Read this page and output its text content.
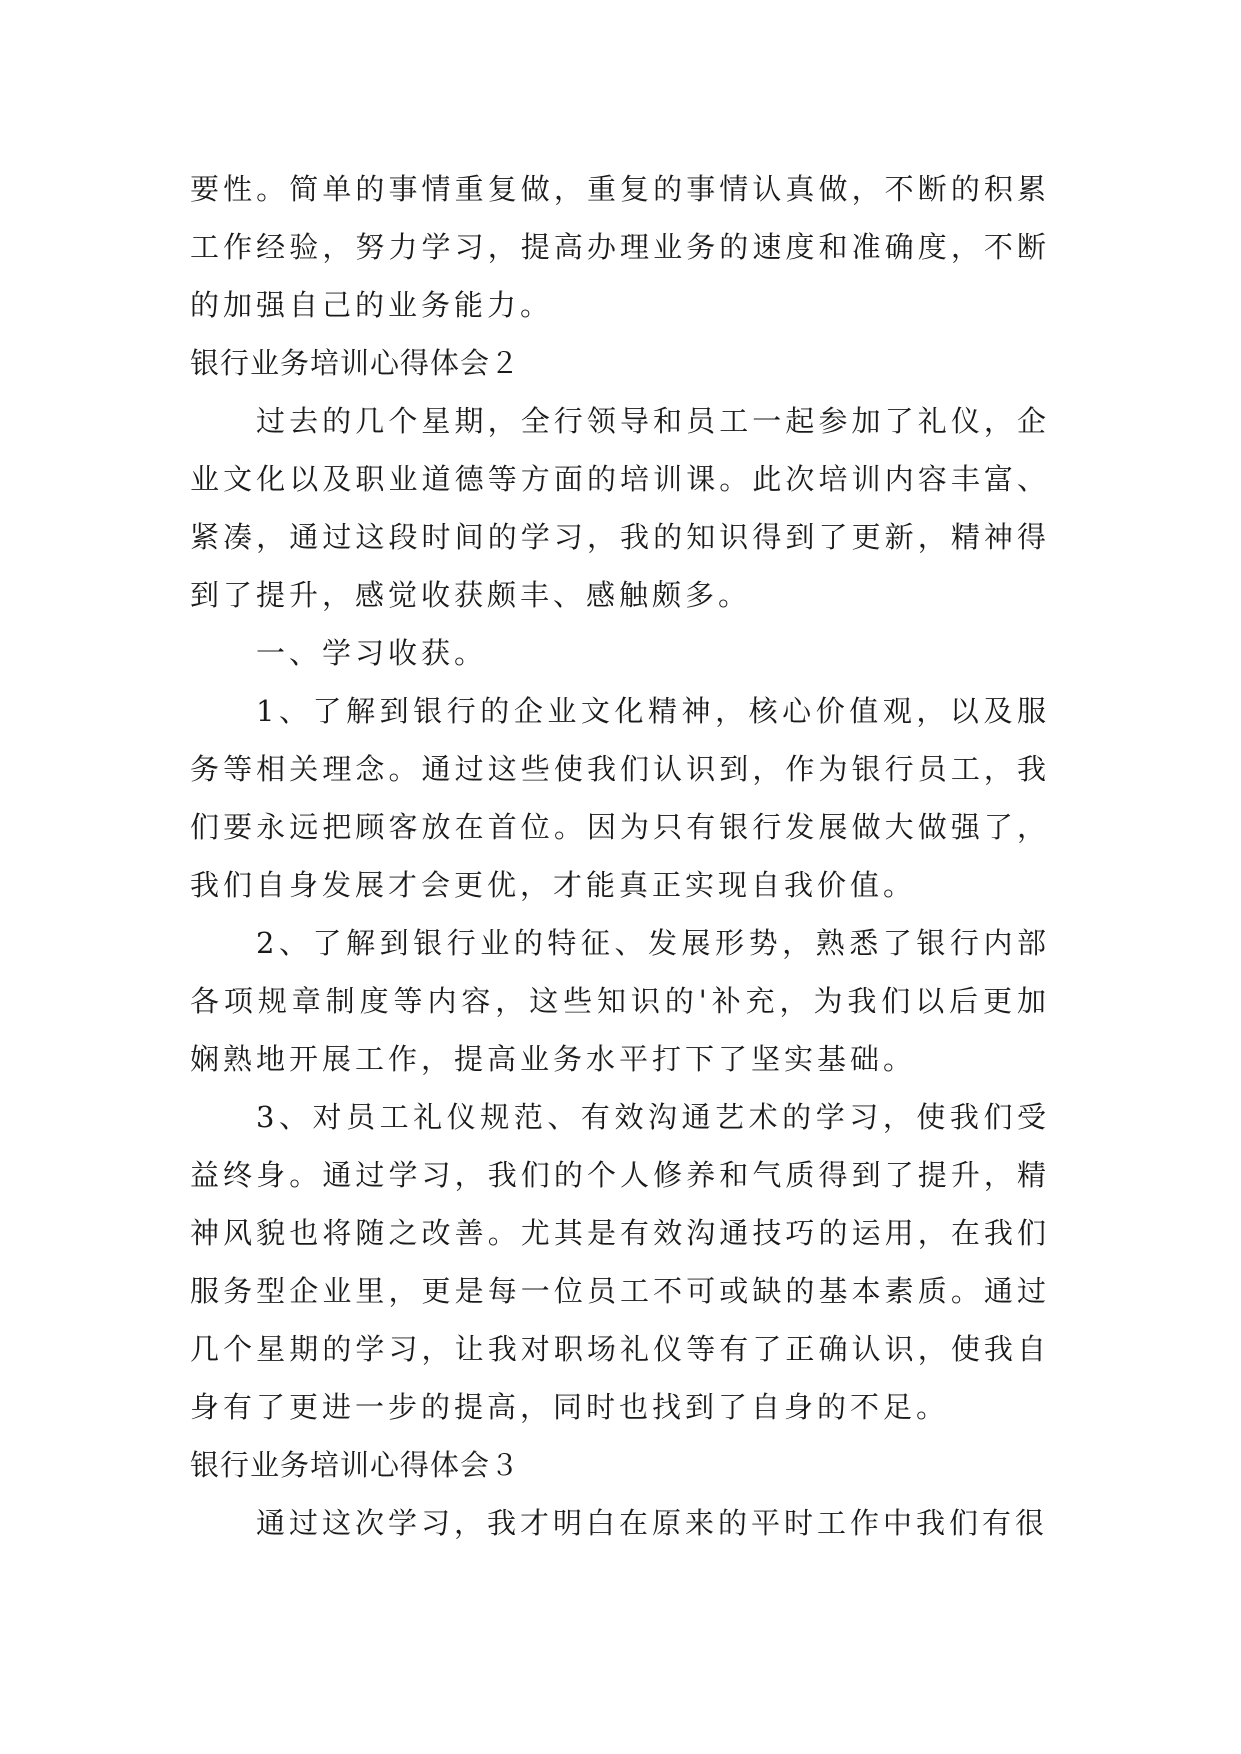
要性。简单的事情重复做，重复的事情认真做，不断的积累工作经验，努力学习，提高办理业务的速度和准确度，不断的加强自己的业务能力。

银行业务培训心得体会２

过去的几个星期，全行领导和员工一起参加了礼仪，企业文化以及职业道德等方面的培训课。此次培训内容丰富、紧凑，通过这段时间的学习，我的知识得到了更新，精神得到了提升，感觉收获颇丰、感触颇多。

一、学习收获。

1、了解到银行的企业文化精神，核心价值观，以及服务等相关理念。通过这些使我们认识到，作为银行员工，我们要永远把顾客放在首位。因为只有银行发展做大做强了，我们自身发展才会更优，才能真正实现自我价值。

2、了解到银行业的特征、发展形势，熟悉了银行内部各项规章制度等内容，这些知识的'补充，为我们以后更加娴熟地开展工作，提高业务水平打下了坚实基础。

3、对员工礼仪规范、有效沟通艺术的学习，使我们受益终身。通过学习，我们的个人修养和气质得到了提升，精神风貌也将随之改善。尤其是有效沟通技巧的运用，在我们服务型企业里，更是每一位员工不可或缺的基本素质。通过几个星期的学习，让我对职场礼仪等有了正确认识，使我自身有了更进一步的提高，同时也找到了自身的不足。

银行业务培训心得体会３

通过这次学习，我才明白在原来的平时工作中我们有很
